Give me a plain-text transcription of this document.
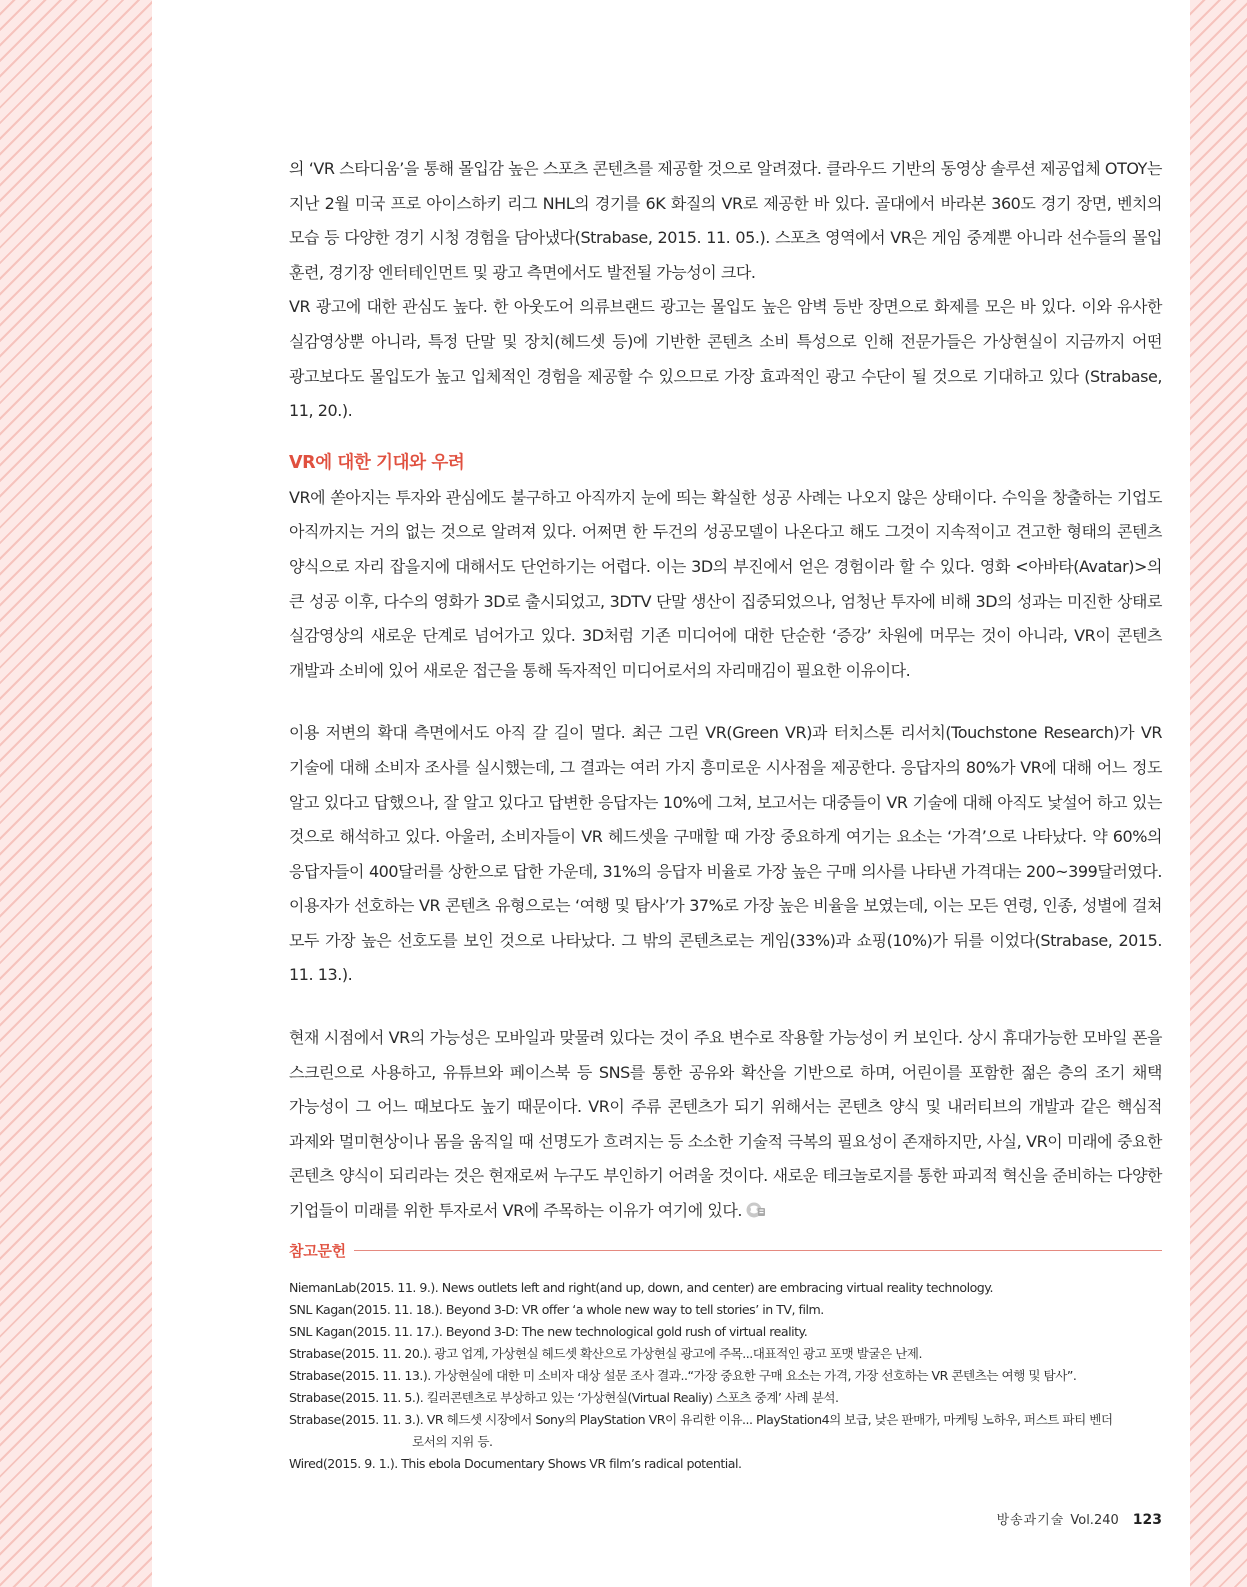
의 ‘VR 스타디움’을 통해 몰입감 높은 스포츠 콘텐츠를 제공할 것으로 알려졌다. 클라우드 기반의 동영상 솔루션 제공업체 OTOY는 지난 2월 미국 프로 아이스하키 리그 NHL의 경기를 6K 화질의 VR로 제공한 바 있다. 골대에서 바라본 360도 경기 장면, 벤치의 모습 등 다양한 경기 시청 경험을 담아냈다(Strabase, 2015. 11. 05.). 스포츠 영역에서 VR은 게임 중계뿐 아니라 선수들의 몰입 훈련, 경기장 엔터테인먼트 및 광고 측면에서도 발전될 가능성이 크다.

VR 광고에 대한 관심도 높다. 한 아웃도어 의류브랜드 광고는 몰입도 높은 암벽 등반 장면으로 화제를 모은 바 있다. 이와 유사한 실감영상뿐 아니라, 특정 단말 및 장치(헤드셋 등)에 기반한 콘텐츠 소비 특성으로 인해 전문가들은 가상현실이 지금까지 어떤 광고보다도 몰입도가 높고 입체적인 경험을 제공할 수 있으므로 가장 효과적인 광고 수단이 될 것으로 기대하고 있다 (Strabase, 11, 20.).

VR에 대한 기대와 우려

VR에 쏟아지는 투자와 관심에도 불구하고 아직까지 눈에 띄는 확실한 성공 사례는 나오지 않은 상태이다. 수익을 창출하는 기업도 아직까지는 거의 없는 것으로 알려져 있다. 어쩌면 한 두건의 성공모델이 나온다고 해도 그것이 지속적이고 견고한 형태의 콘텐츠 양식으로 자리 잡을지에 대해서도 단언하기는 어렵다. 이는 3D의 부진에서 얻은 경험이라 할 수 있다. 영화 <아바타(Avatar)>의 큰 성공 이후, 다수의 영화가 3D로 출시되었고, 3DTV 단말 생산이 집중되었으나, 엄청난 투자에 비해 3D의 성과는 미진한 상태로 실감영상의 새로운 단계로 넘어가고 있다. 3D처럼 기존 미디어에 대한 단순한 ‘증강’ 차원에 머무는 것이 아니라, VR이 콘텐츠 개발과 소비에 있어 새로운 접근을 통해 독자적인 미디어로서의 자리매김이 필요한 이유이다.

이용 저변의 확대 측면에서도 아직 갈 길이 멀다. 최근 그린 VR(Green VR)과 터치스톤 리서치(Touchstone Research)가 VR 기술에 대해 소비자 조사를 실시했는데, 그 결과는 여러 가지 흥미로운 시사점을 제공한다. 응답자의 80%가 VR에 대해 어느 정도 알고 있다고 답했으나, 잘 알고 있다고 답변한 응답자는 10%에 그쳐, 보고서는 대중들이 VR 기술에 대해 아직도 낯설어 하고 있는 것으로 해석하고 있다. 아울러, 소비자들이 VR 헤드셋을 구매할 때 가장 중요하게 여기는 요소는 ‘가격’으로 나타났다. 약 60%의 응답자들이 400달러를 상한으로 답한 가운데, 31%의 응답자 비율로 가장 높은 구매 의사를 나타낸 가격대는 200~399달러였다. 이용자가 선호하는 VR 콘텐츠 유형으로는 ‘여행 및 탐사’가 37%로 가장 높은 비율을 보였는데, 이는 모든 연령, 인종, 성별에 걸쳐 모두 가장 높은 선호도를 보인 것으로 나타났다. 그 밖의 콘텐츠로는 게임(33%)과 쇼핑(10%)가 뒤를 이었다(Strabase, 2015. 11. 13.).

현재 시점에서 VR의 가능성은 모바일과 맞물려 있다는 것이 주요 변수로 작용할 가능성이 커 보인다. 상시 휴대가능한 모바일 폰을 스크린으로 사용하고, 유튜브와 페이스북 등 SNS를 통한 공유와 확산을 기반으로 하며, 어린이를 포함한 젊은 층의 조기 채택 가능성이 그 어느 때보다도 높기 때문이다. VR이 주류 콘텐츠가 되기 위해서는 콘텐츠 양식 및 내러티브의 개발과 같은 핵심적 과제와 멀미현상이나 몸을 움직일 때 선명도가 흐려지는 등 소소한 기술적 극복의 필요성이 존재하지만, 사실, VR이 미래에 중요한 콘텐츠 양식이 되리라는 것은 현재로써 누구도 부인하기 어려울 것이다. 새로운 테크놀로지를 통한 파괴적 혁신을 준비하는 다양한 기업들이 미래를 위한 투자로서 VR에 주목하는 이유가 여기에 있다.

참고문헌
NiemanLab(2015. 11. 9.). News outlets left and right(and up, down, and center) are embracing virtual reality technology.
SNL Kagan(2015. 11. 18.). Beyond 3-D: VR offer ‘a whole new way to tell stories’ in TV, film.
SNL Kagan(2015. 11. 17.). Beyond 3-D: The new technological gold rush of virtual reality.
Strabase(2015. 11. 20.). 광고 업계, 가상현실 헤드셋 확산으로 가상현실 광고에 주목...대표적인 광고 포맷 발굴은 난제.
Strabase(2015. 11. 13.). 가상현실에 대한 미 소비자 대상 설문 조사 결과..“가장 중요한 구매 요소는 가격, 가장 선호하는 VR 콘텐츠는 여행 및 탐사”.
Strabase(2015. 11. 5.). 킬러콘텐츠로 부상하고 있는 ‘가상현실(Virtual Realiy) 스포츠 중계’ 사례 분석.
Strabase(2015. 11. 3.). VR 헤드셋 시장에서 Sony의 PlayStation VR이 유리한 이유... PlayStation4의 보급, 낮은 판매가, 마케팅 노하우, 퍼스트 파티 벤더
로서의 지위 등.
Wired(2015. 9. 1.). This ebola Documentary Shows VR film’s radical potential.
방송과기술 Vol.240 123
